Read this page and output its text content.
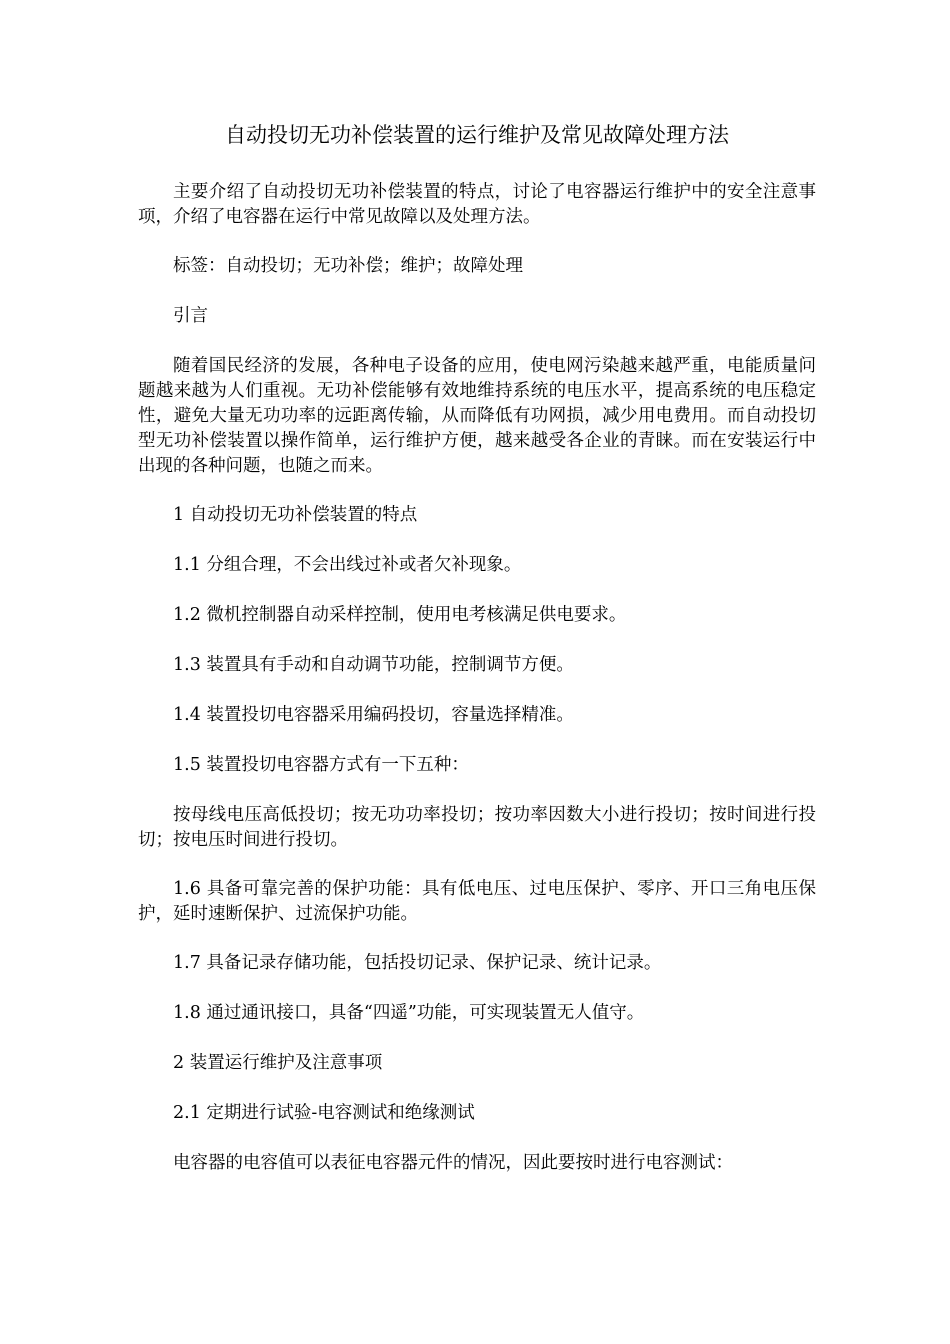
自动投切无功补偿装置的运行维护及常见故障处理方法

主要介绍了自动投切无功补偿装置的特点，讨论了电容器运行维护中的安全注意事项，介绍了电容器在运行中常见故障以及处理方法。

标签：自动投切；无功补偿；维护；故障处理

引言

随着国民经济的发展，各种电子设备的应用，使电网污染越来越严重，电能质量问题越来越为人们重视。无功补偿能够有效地维持系统的电压水平，提高系统的电压稳定性，避免大量无功功率的远距离传输，从而降低有功网损，减少用电费用。而自动投切型无功补偿装置以操作简单，运行维护方便，越来越受各企业的青睐。而在安装运行中出现的各种问题，也随之而来。

1 自动投切无功补偿装置的特点

1.1 分组合理，不会出线过补或者欠补现象。

1.2 微机控制器自动采样控制，使用电考核满足供电要求。

1.3 装置具有手动和自动调节功能，控制调节方便。

1.4 装置投切电容器采用编码投切，容量选择精准。

1.5 装置投切电容器方式有一下五种：

按母线电压高低投切；按无功功率投切；按功率因数大小进行投切；按时间进行投切；按电压时间进行投切。

1.6 具备可靠完善的保护功能：具有低电压、过电压保护、零序、开口三角电压保护，延时速断保护、过流保护功能。

1.7 具备记录存储功能，包括投切记录、保护记录、统计记录。

1.8 通过通讯接口，具备“四遥”功能，可实现装置无人值守。

2 装置运行维护及注意事项

2.1 定期进行试验-电容测试和绝缘测试

电容器的电容值可以表征电容器元件的情况，因此要按时进行电容测试：
